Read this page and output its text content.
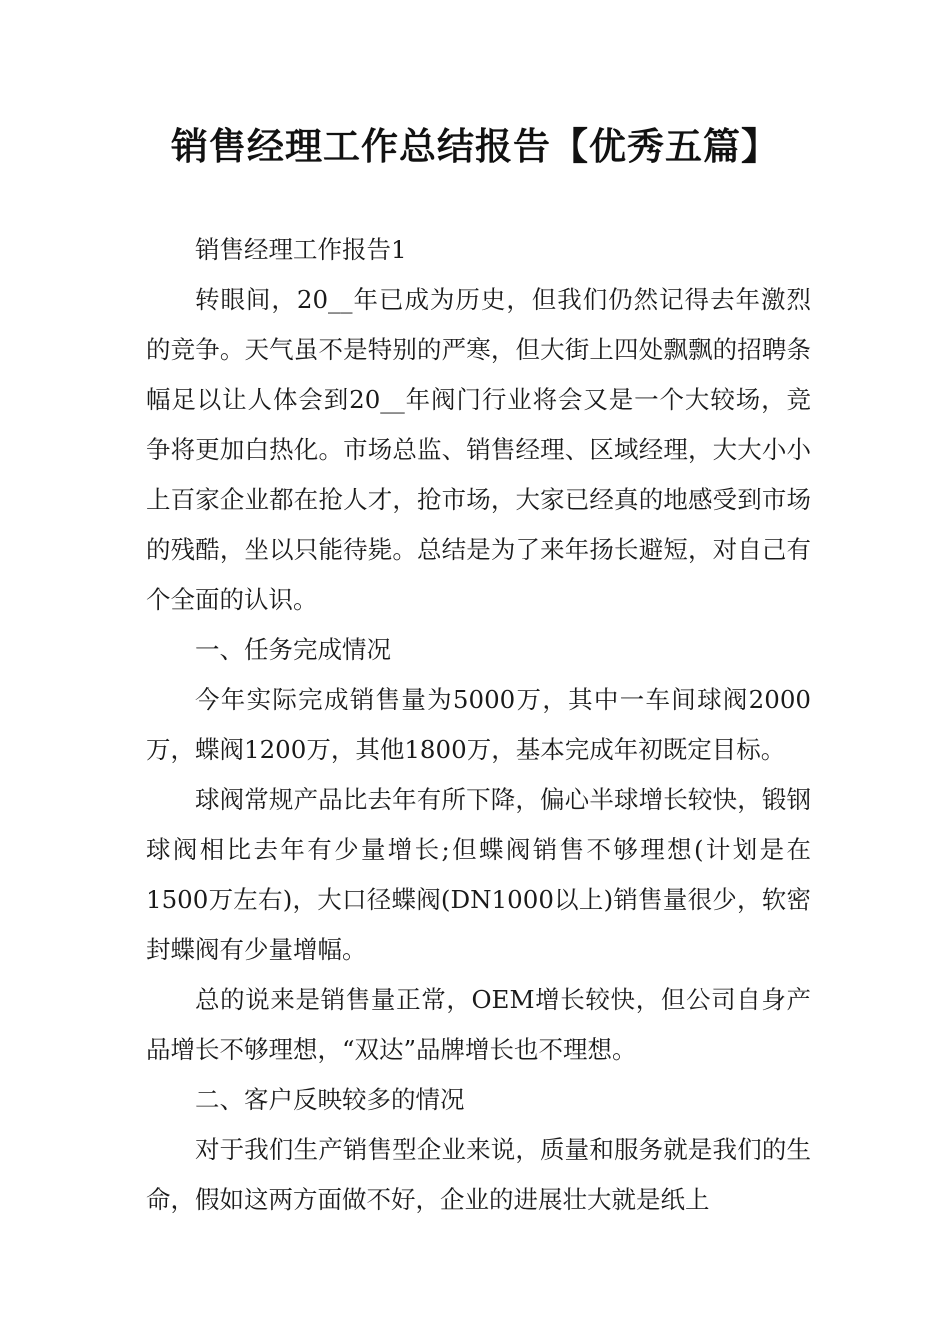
销售经理工作总结报告【优秀五篇】

销售经理工作报告1

转眼间，20__年已成为历史，但我们仍然记得去年激烈的竞争。天气虽不是特别的严寒，但大街上四处飘飘的招聘条幅足以让人体会到20__年阀门行业将会又是一个大较场，竞争将更加白热化。市场总监、销售经理、区域经理，大大小小上百家企业都在抢人才，抢市场，大家已经真的地感受到市场的残酷，坐以只能待毙。总结是为了来年扬长避短，对自己有个全面的认识。

一、任务完成情况

今年实际完成销售量为5000万，其中一车间球阀2000万，蝶阀1200万，其他1800万，基本完成年初既定目标。

球阀常规产品比去年有所下降，偏心半球增长较快，锻钢球阀相比去年有少量增长;但蝶阀销售不够理想(计划是在1500万左右)，大口径蝶阀(DN1000以上)销售量很少，软密封蝶阀有少量增幅。

总的说来是销售量正常，OEM增长较快，但公司自身产品增长不够理想，“双达”品牌增长也不理想。

二、客户反映较多的情况

对于我们生产销售型企业来说，质量和服务就是我们的生命，假如这两方面做不好，企业的进展壮大就是纸上
